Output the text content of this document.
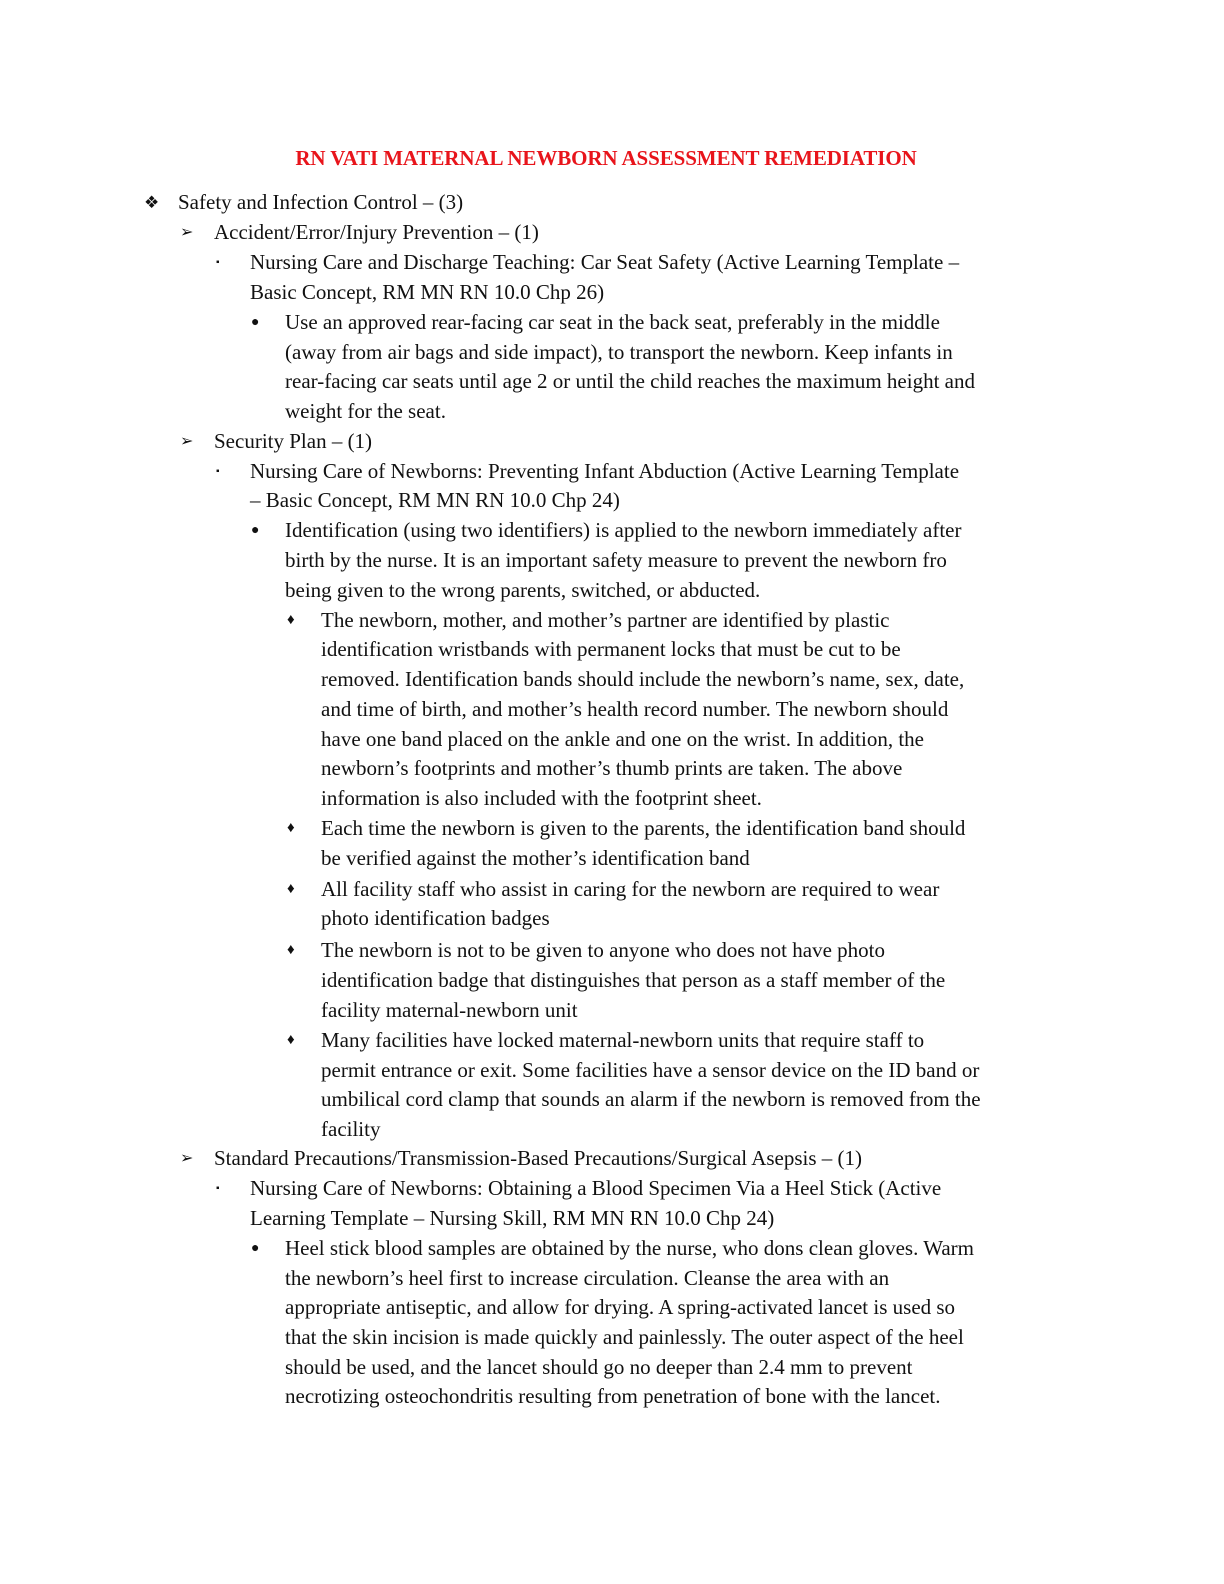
RN VATI MATERNAL NEWBORN ASSESSMENT REMEDIATION
❖ Safety and Infection Control – (3)
➢ Accident/Error/Injury Prevention – (1)
▪ Nursing Care and Discharge Teaching: Car Seat Safety (Active Learning Template –
Basic Concept, RM MN RN 10.0 Chp 26)
● Use an approved rear-facing car seat in the back seat, preferably in the middle
(away from air bags and side impact), to transport the newborn. Keep infants in
rear-facing car seats until age 2 or until the child reaches the maximum height and
weight for the seat.
➢ Security Plan – (1)
▪ Nursing Care of Newborns: Preventing Infant Abduction (Active Learning Template
– Basic Concept, RM MN RN 10.0 Chp 24)
● Identification (using two identifiers) is applied to the newborn immediately after
birth by the nurse. It is an important safety measure to prevent the newborn fro
being given to the wrong parents, switched, or abducted.
♦ The newborn, mother, and mother’s partner are identified by plastic
identification wristbands with permanent locks that must be cut to be
removed. Identification bands should include the newborn’s name, sex, date,
and time of birth, and mother’s health record number. The newborn should
have one band placed on the ankle and one on the wrist. In addition, the
newborn’s footprints and mother’s thumb prints are taken. The above
information is also included with the footprint sheet.
♦ Each time the newborn is given to the parents, the identification band should
be verified against the mother’s identification band
♦ All facility staff who assist in caring for the newborn are required to wear
photo identification badges
♦ The newborn is not to be given to anyone who does not have photo
identification badge that distinguishes that person as a staff member of the
facility maternal-newborn unit
♦ Many facilities have locked maternal-newborn units that require staff to
permit entrance or exit. Some facilities have a sensor device on the ID band or
umbilical cord clamp that sounds an alarm if the newborn is removed from the
facility
➢ Standard Precautions/Transmission-Based Precautions/Surgical Asepsis – (1)
▪ Nursing Care of Newborns: Obtaining a Blood Specimen Via a Heel Stick (Active
Learning Template – Nursing Skill, RM MN RN 10.0 Chp 24)
● Heel stick blood samples are obtained by the nurse, who dons clean gloves. Warm
the newborn’s heel first to increase circulation. Cleanse the area with an
appropriate antiseptic, and allow for drying. A spring-activated lancet is used so
that the skin incision is made quickly and painlessly. The outer aspect of the heel
should be used, and the lancet should go no deeper than 2.4 mm to prevent
necrotizing osteochondritis resulting from penetration of bone with the lancet.
